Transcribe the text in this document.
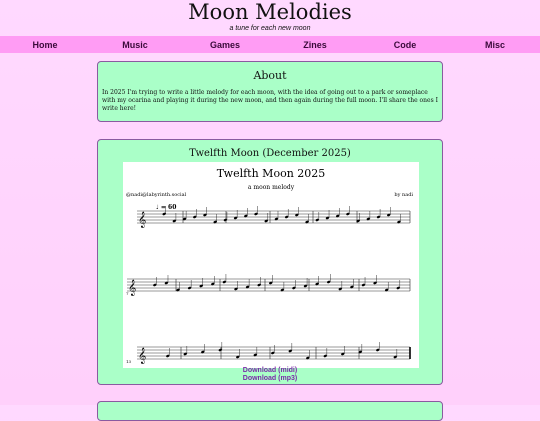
Moon Melodies
a tune for each new moon
Home	Music	Games	Zines	Code	Misc
About

In 2025 I'm trying to write a little melody for each moon, with the idea of going out to a park or someplace with my ocarina and playing it during the new moon, and then again during the full moon. I'll share the ones I write here!

Twelfth Moon (December 2025)
Twelfth Moon 2025
a moon melody
@nadi@labyrinth.social	by nadi
♩ = 60
7
13
𝄞
𝄞
𝄞
Download (midi)
Download (mp3)
